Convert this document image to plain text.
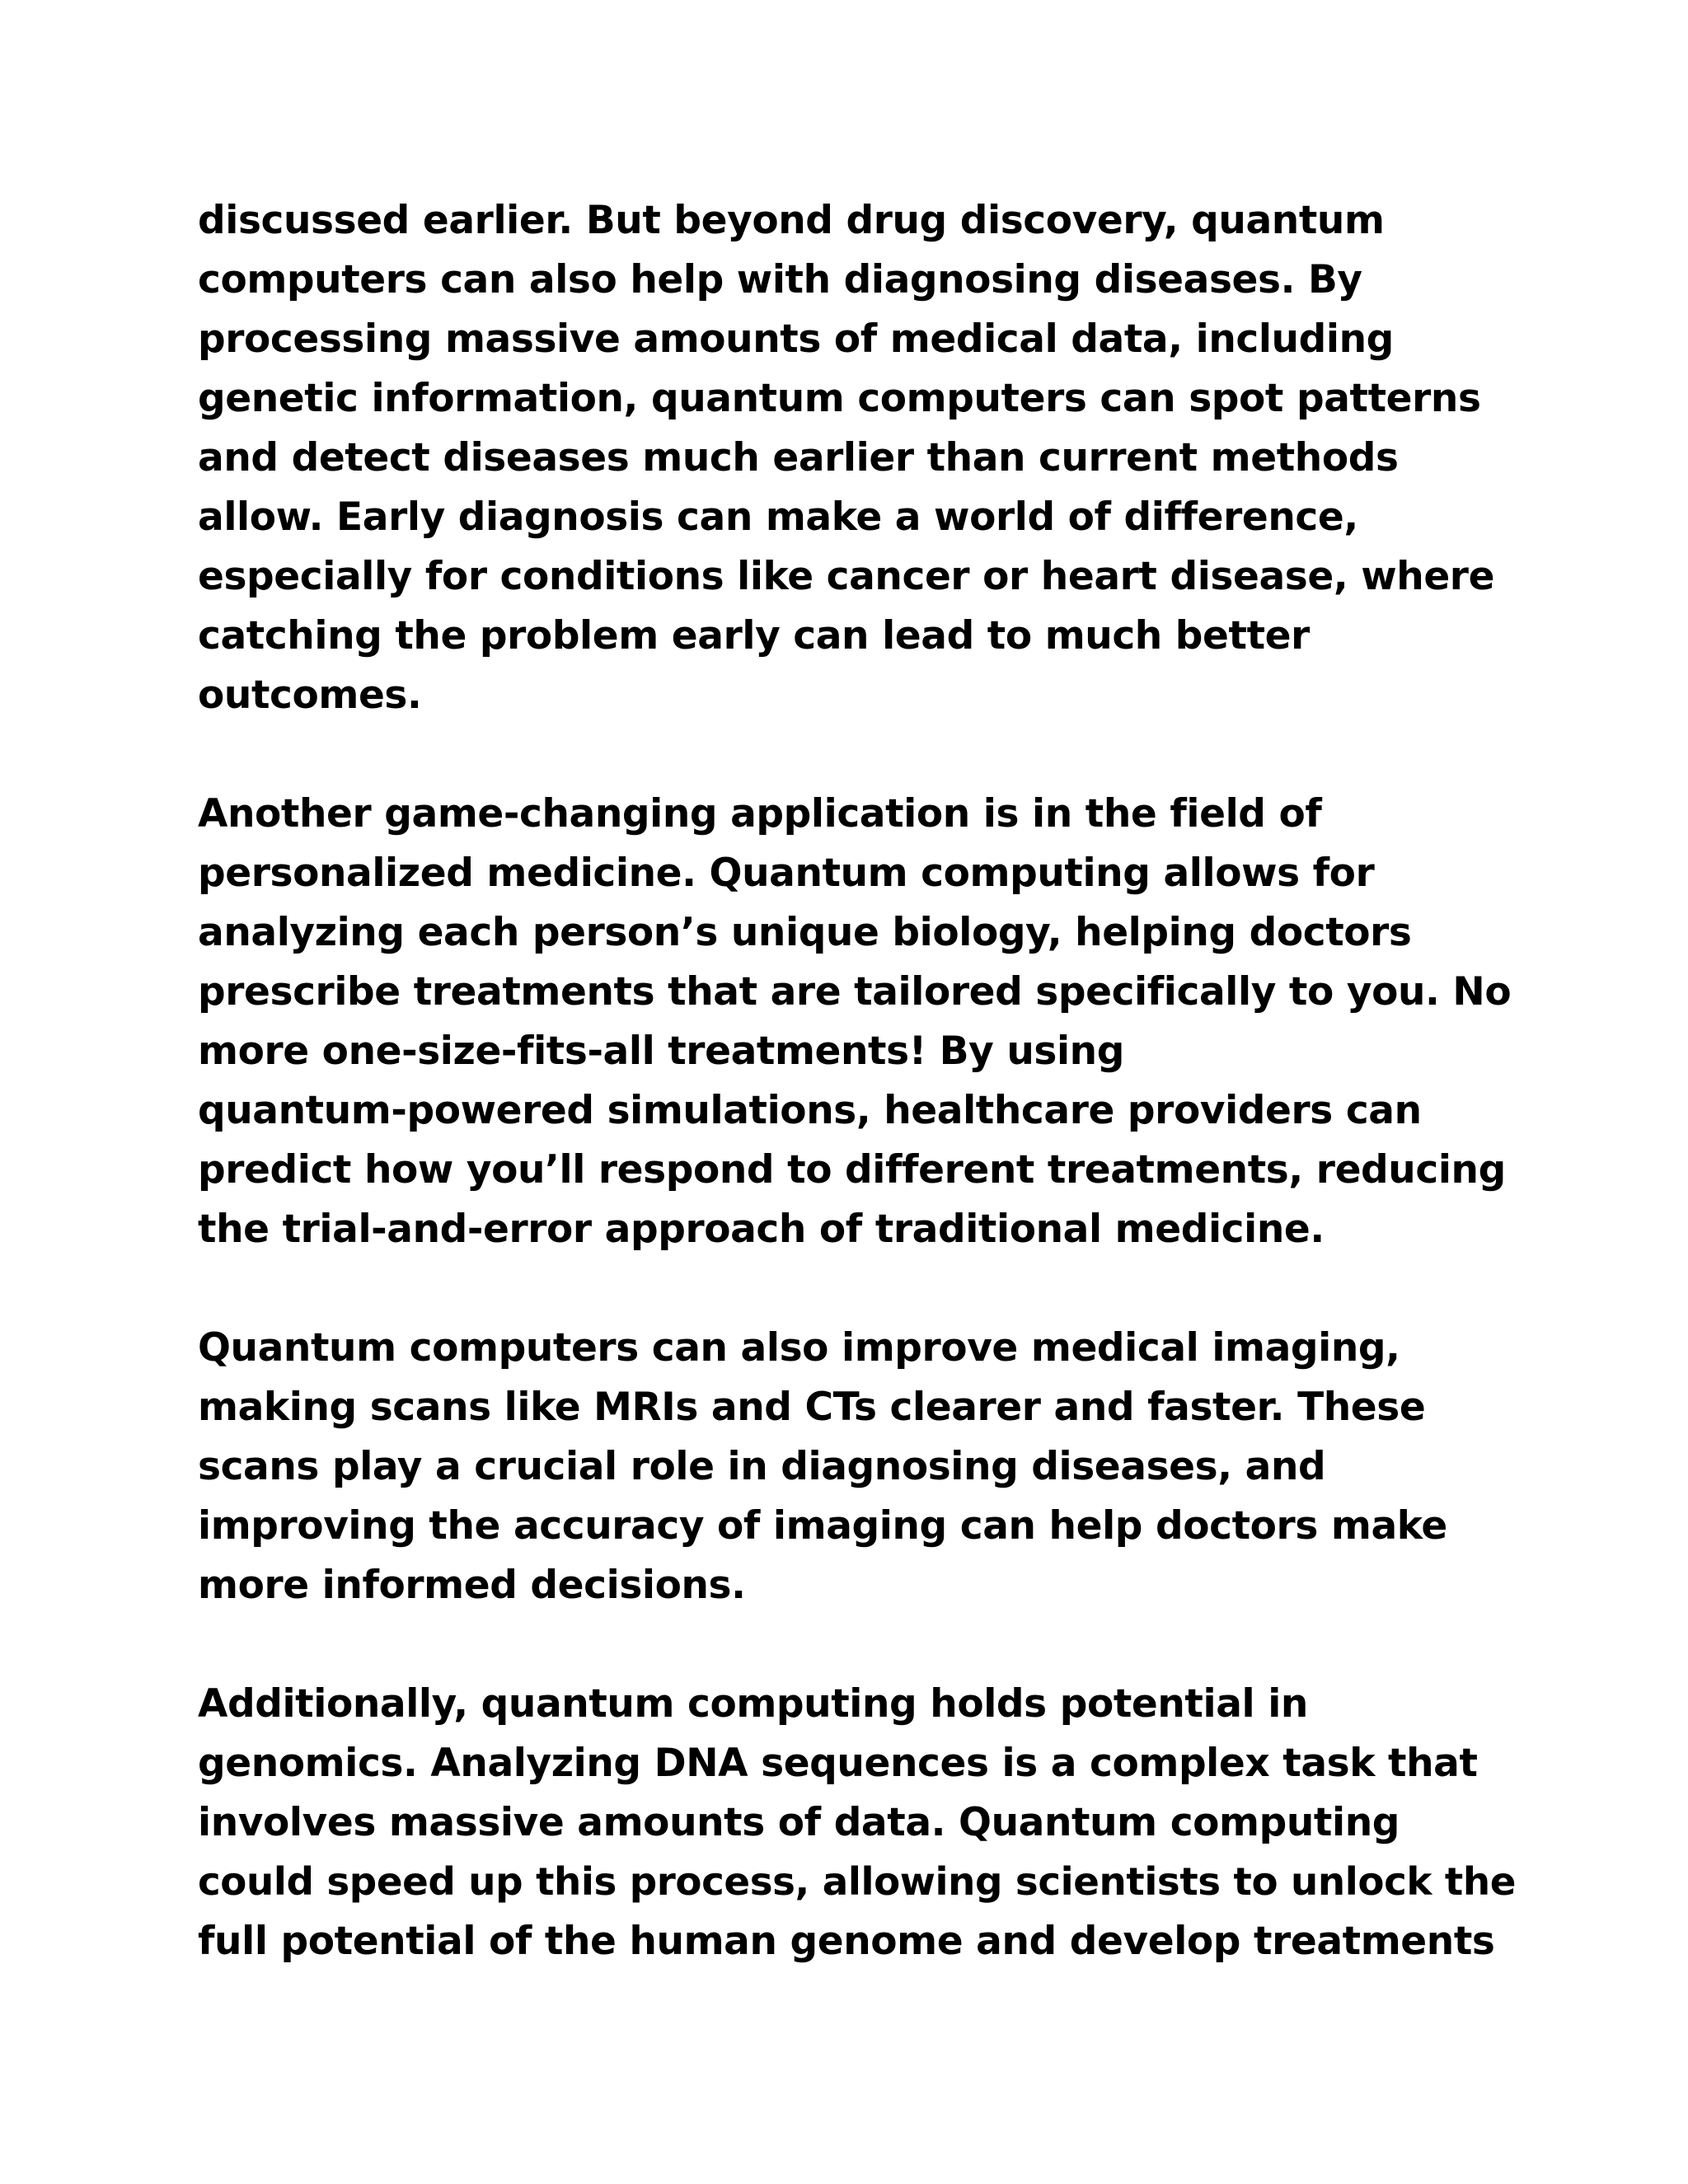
discussed earlier. But beyond drug discovery, quantum
computers can also help with diagnosing diseases. By
processing massive amounts of medical data, including
genetic information, quantum computers can spot patterns
and detect diseases much earlier than current methods
allow. Early diagnosis can make a world of difference,
especially for conditions like cancer or heart disease, where
catching the problem early can lead to much better
outcomes.
Another game-changing application is in the field of
personalized medicine. Quantum computing allows for
analyzing each person’s unique biology, helping doctors
prescribe treatments that are tailored specifically to you. No
more one-size-fits-all treatments! By using
quantum-powered simulations, healthcare providers can
predict how you’ll respond to different treatments, reducing
the trial-and-error approach of traditional medicine.
Quantum computers can also improve medical imaging,
making scans like MRIs and CTs clearer and faster. These
scans play a crucial role in diagnosing diseases, and
improving the accuracy of imaging can help doctors make
more informed decisions.
Additionally, quantum computing holds potential in
genomics. Analyzing DNA sequences is a complex task that
involves massive amounts of data. Quantum computing
could speed up this process, allowing scientists to unlock the
full potential of the human genome and develop treatments
